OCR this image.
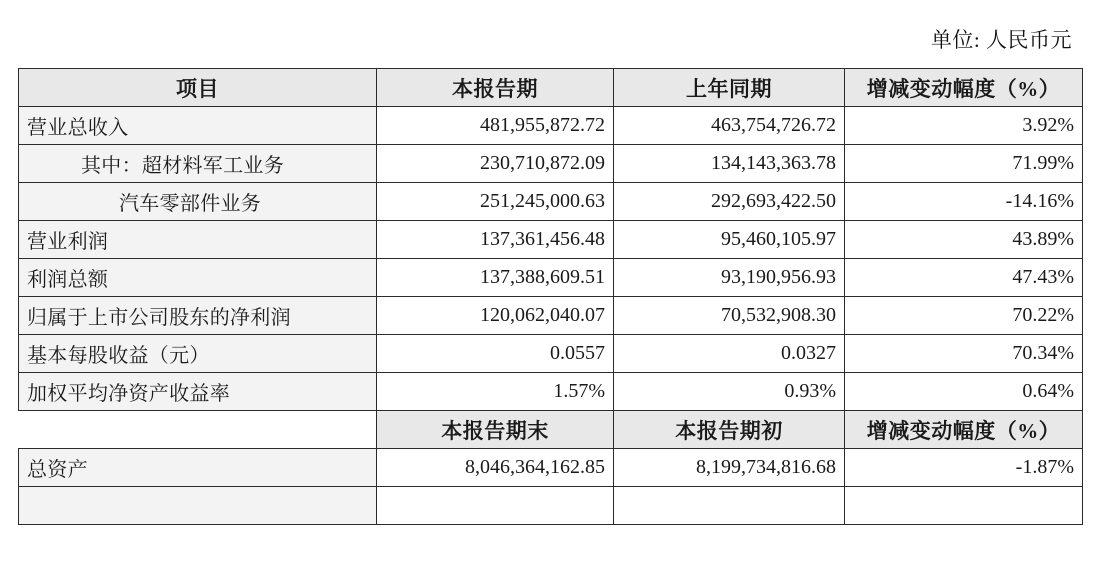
单位: 人民币元
项目	本报告期	上年同期	增减变动幅度（%）
营业总收入	481,955,872.72	463,754,726.72	3.92%
其中：超材料军工业务	230,710,872.09	134,143,363.78	71.99%
汽车零部件业务	251,245,000.63	292,693,422.50	-14.16%
营业利润	137,361,456.48	95,460,105.97	43.89%
利润总额	137,388,609.51	93,190,956.93	47.43%
归属于上市公司股东的净利润	120,062,040.07	70,532,908.30	70.22%
基本每股收益（元）	0.0557	0.0327	70.34%
加权平均净资产收益率	1.57%	0.93%	0.64%
	本报告期末	本报告期初	增减变动幅度（%）
总资产	8,046,364,162.85	8,199,734,816.68	-1.87%
